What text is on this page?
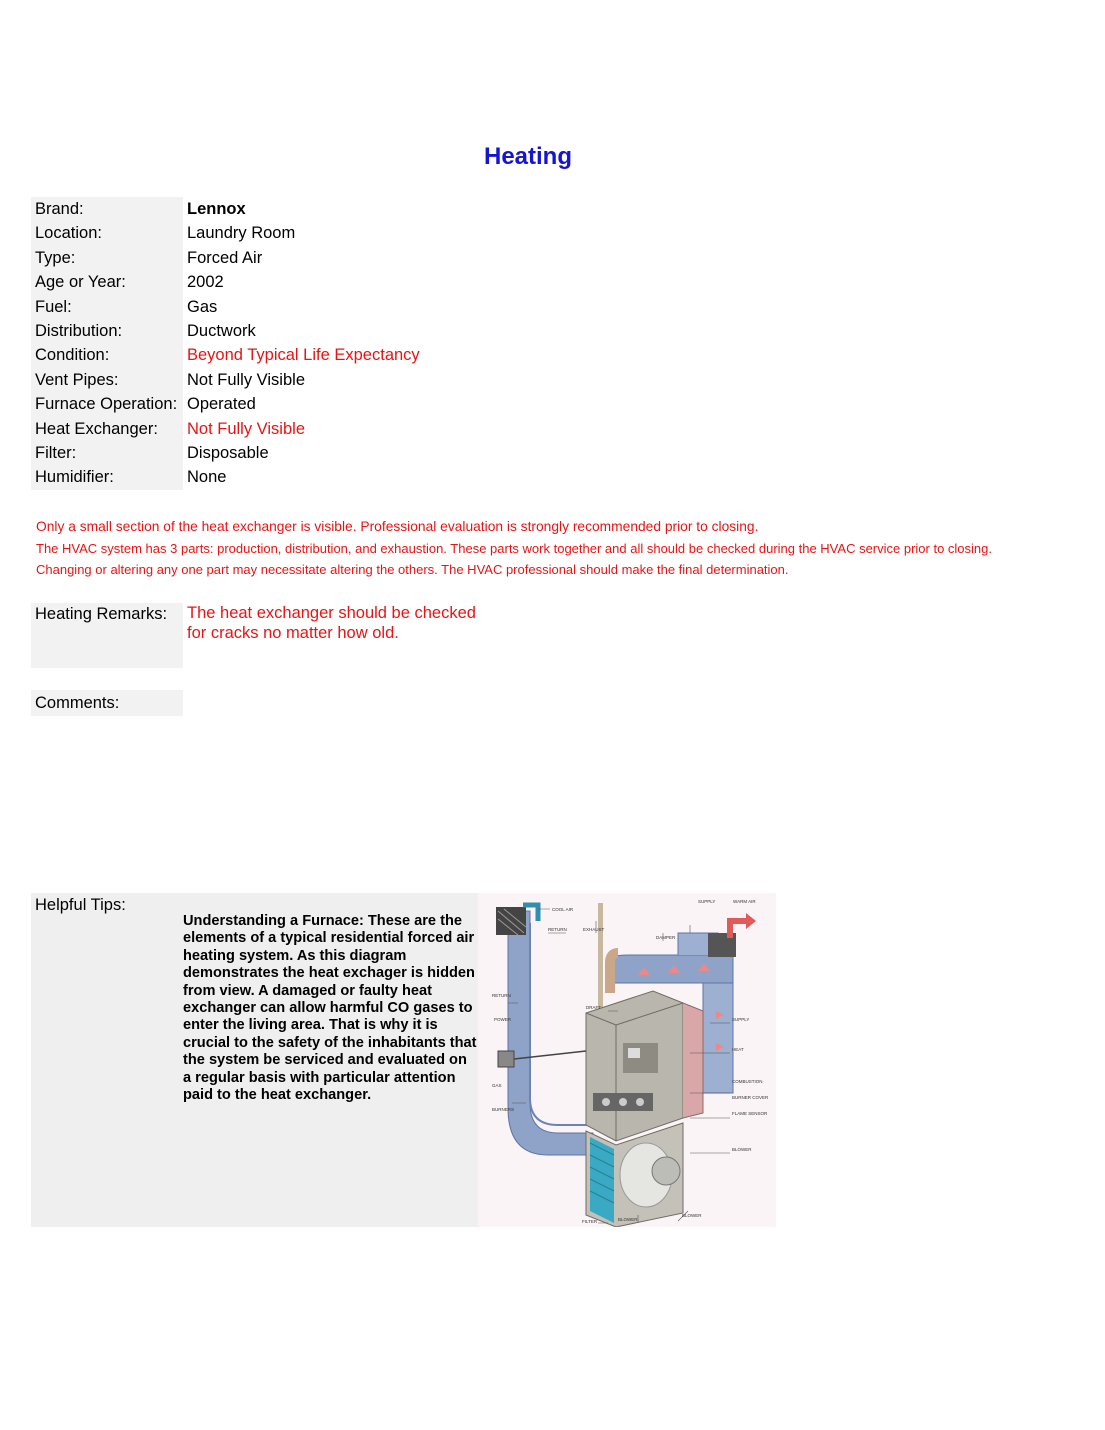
Heating
Brand:	Lennox
Location:	Laundry Room
Type:	Forced Air
Age or Year:	2002
Fuel:	Gas
Distribution:	Ductwork
Condition:	Beyond Typical Life Expectancy
Vent Pipes:	Not Fully Visible
Furnace Operation: Operated
Heat Exchanger:	Not Fully Visible
Filter:	Disposable
Humidifier:	None
Only a small section of the heat exchanger is visible. Professional evaluation is strongly recommended prior to closing.
The HVAC system has 3 parts: production, distribution, and exhaustion. These parts work together and all should be checked during the HVAC service prior to closing.
Changing or altering any one part may necessitate altering the others. The HVAC professional should make the final determination.
Heating Remarks:	The heat exchanger should be checked for cracks no matter how old.
Comments:
Helpful Tips:
Understanding a Furnace: These are the elements of a typical residential forced air heating system. As this diagram demonstrates the heat exchager is hidden from view. A damaged or faulty heat exchanger can allow harmful CO gases to enter the living area. That is why it is crucial to the safety of the inhabitants that the system be serviced and evaluated on a regular basis with particular attention paid to the heat exchanger.
COOL AIR
RETURN	EXHAUST
DAMPER
SUPPLY	WARM AIR
RETURN
DRAFT
POWER	SUPPLY
HEAT
GAS
BURNERS
COMBUSTION
BURNER COVER
FLAME SENSOR
BLOWER
FILTER	BLOWER
BLOWER
